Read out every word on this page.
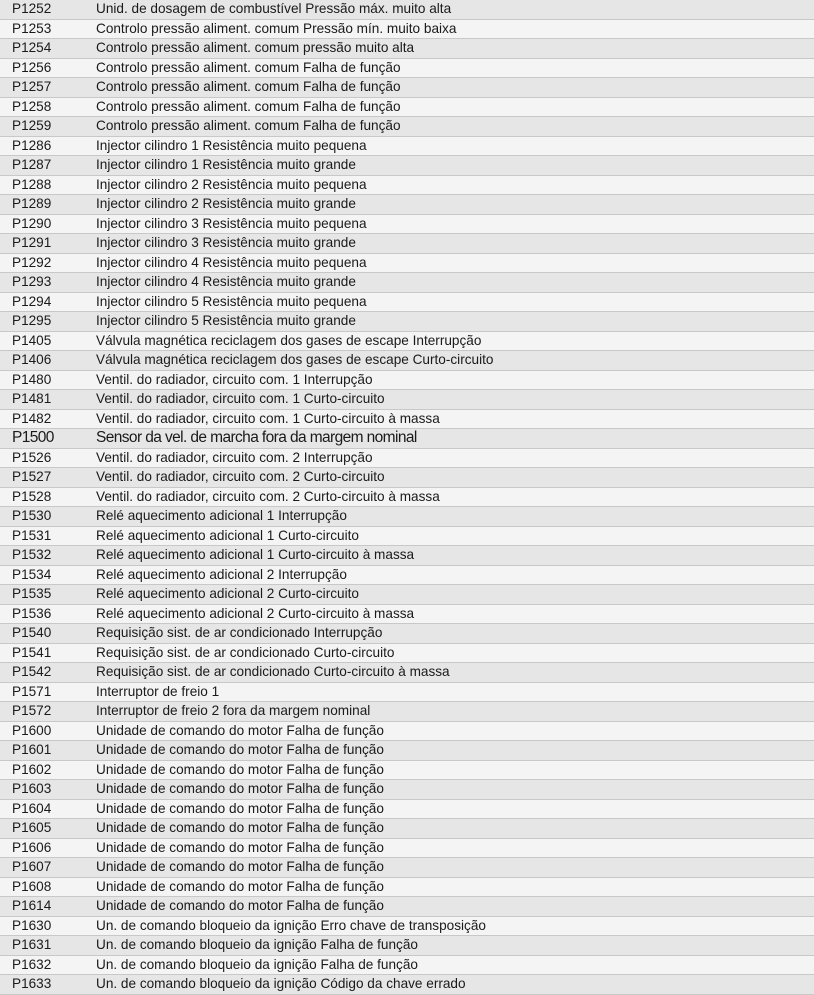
P1252	Unid. de dosagem de combustível Pressão máx. muito alta
P1253	Controlo pressão aliment. comum Pressão mín. muito baixa
P1254	Controlo pressão aliment. comum pressão muito alta
P1256	Controlo pressão aliment. comum Falha de função
P1257	Controlo pressão aliment. comum Falha de função
P1258	Controlo pressão aliment. comum Falha de função
P1259	Controlo pressão aliment. comum Falha de função
P1286	Injector cilindro 1 Resistência muito pequena
P1287	Injector cilindro 1 Resistência muito grande
P1288	Injector cilindro 2 Resistência muito pequena
P1289	Injector cilindro 2 Resistência muito grande
P1290	Injector cilindro 3 Resistência muito pequena
P1291	Injector cilindro 3 Resistência muito grande
P1292	Injector cilindro 4 Resistência muito pequena
P1293	Injector cilindro 4 Resistência muito grande
P1294	Injector cilindro 5 Resistência muito pequena
P1295	Injector cilindro 5 Resistência muito grande
P1405	Válvula magnética reciclagem dos gases de escape Interrupção
P1406	Válvula magnética reciclagem dos gases de escape Curto-circuito
P1480	Ventil. do radiador, circuito com. 1 Interrupção
P1481	Ventil. do radiador, circuito com. 1 Curto-circuito
P1482	Ventil. do radiador, circuito com. 1 Curto-circuito à massa
P1500	Sensor da vel. de marcha fora da margem nominal
P1526	Ventil. do radiador, circuito com. 2 Interrupção
P1527	Ventil. do radiador, circuito com. 2 Curto-circuito
P1528	Ventil. do radiador, circuito com. 2 Curto-circuito à massa
P1530	Relé aquecimento adicional 1 Interrupção
P1531	Relé aquecimento adicional 1 Curto-circuito
P1532	Relé aquecimento adicional 1 Curto-circuito à massa
P1534	Relé aquecimento adicional 2 Interrupção
P1535	Relé aquecimento adicional 2 Curto-circuito
P1536	Relé aquecimento adicional 2 Curto-circuito à massa
P1540	Requisição sist. de ar condicionado Interrupção
P1541	Requisição sist. de ar condicionado Curto-circuito
P1542	Requisição sist. de ar condicionado Curto-circuito à massa
P1571	Interruptor de freio 1
P1572	Interruptor de freio 2 fora da margem nominal
P1600	Unidade de comando do motor Falha de função
P1601	Unidade de comando do motor Falha de função
P1602	Unidade de comando do motor Falha de função
P1603	Unidade de comando do motor Falha de função
P1604	Unidade de comando do motor Falha de função
P1605	Unidade de comando do motor Falha de função
P1606	Unidade de comando do motor Falha de função
P1607	Unidade de comando do motor Falha de função
P1608	Unidade de comando do motor Falha de função
P1614	Unidade de comando do motor Falha de função
P1630	Un. de comando bloqueio da ignição Erro chave de transposição
P1631	Un. de comando bloqueio da ignição Falha de função
P1632	Un. de comando bloqueio da ignição Falha de função
P1633	Un. de comando bloqueio da ignição Código da chave errado
